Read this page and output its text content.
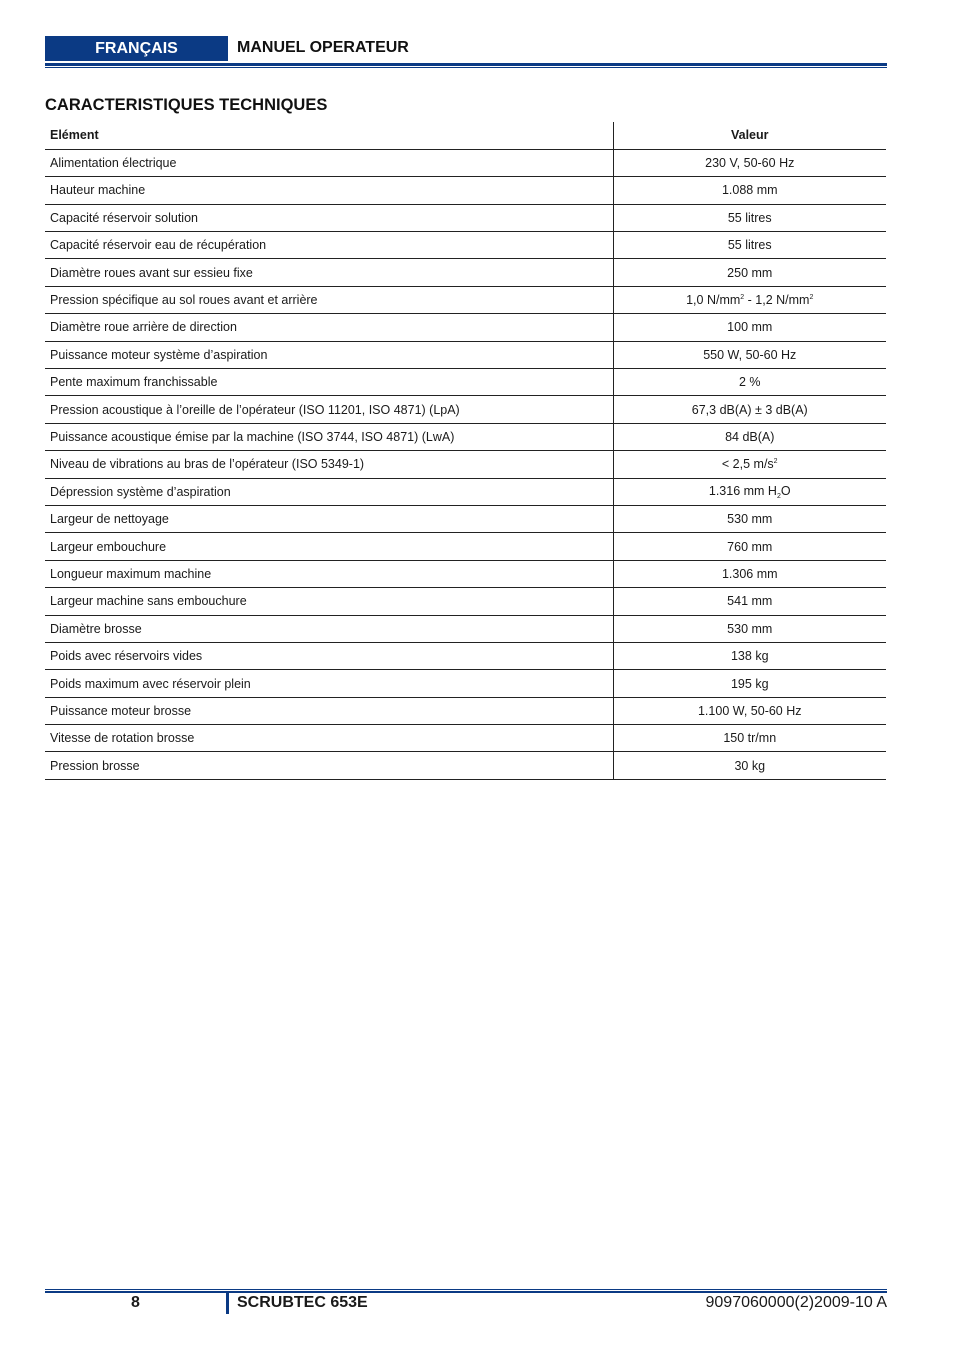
FRANÇAIS	MANUEL OPERATEUR
CARACTERISTIQUES TECHNIQUES
Elément	Valeur
Alimentation électrique	230 V, 50-60 Hz
Hauteur machine	1.088 mm
Capacité réservoir solution	55 litres
Capacité réservoir eau de récupération	55 litres
Diamètre roues avant sur essieu fixe	250 mm
Pression spécifique au sol roues avant et arrière	1,0 $N/mm^2 - 1,2$ $N/mm^2$
Diamètre roue arrière de direction	100 mm
Puissance moteur système d’aspiration	550 W, 50-60 Hz
Pente maximum franchissable	2 %
Pression acoustique à l’oreille de l’opérateur (ISO 11201, ISO 4871) (LpA)	67,3 dB(A) ± 3 dB(A)
Puissance acoustique émise par la machine (ISO 3744, ISO 4871) (LwA)	84 dB(A)
Niveau de vibrations au bras de l’opérateur (ISO 5349-1)	< 2,5 $m/s^2$
Dépression système d’aspiration	1.316 mm $H_2O$
Largeur de nettoyage	530 mm
Largeur embouchure	760 mm
Longueur maximum machine	1.306 mm
Largeur machine sans embouchure	541 mm
Diamètre brosse	530 mm
Poids avec réservoirs vides	138 kg
Poids maximum avec réservoir plein	195 kg
Puissance moteur brosse	1.100 W, 50-60 Hz
Vitesse de rotation brosse	150 tr/mn
Pression brosse	30 kg
8	SCRUBTEC 653E	9097060000(2)2009-10 A
